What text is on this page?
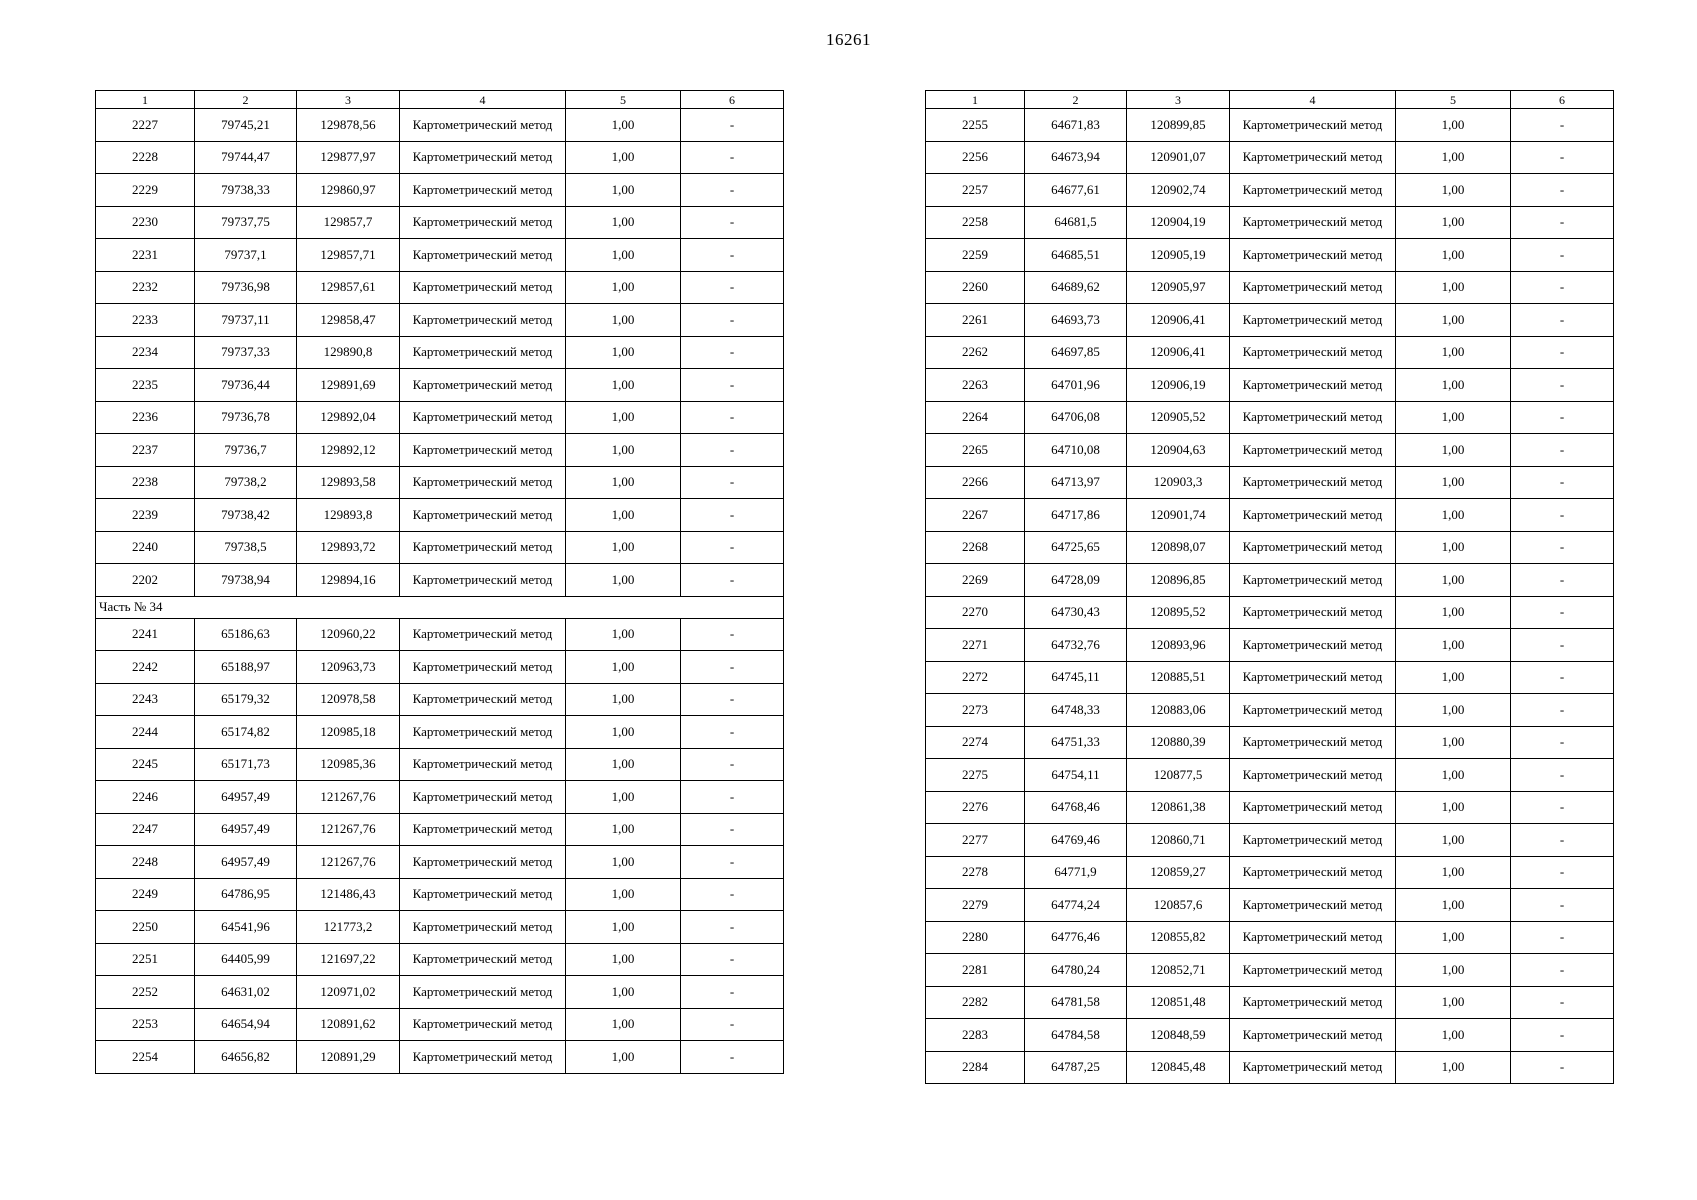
16261
1	2	3	4	5	6
2227	79745,21	129878,56	Картометрический метод	1,00	-
2228	79744,47	129877,97	Картометрический метод	1,00	-
2229	79738,33	129860,97	Картометрический метод	1,00	-
2230	79737,75	129857,7	Картометрический метод	1,00	-
2231	79737,1	129857,71	Картометрический метод	1,00	-
2232	79736,98	129857,61	Картометрический метод	1,00	-
2233	79737,11	129858,47	Картометрический метод	1,00	-
2234	79737,33	129890,8	Картометрический метод	1,00	-
2235	79736,44	129891,69	Картометрический метод	1,00	-
2236	79736,78	129892,04	Картометрический метод	1,00	-
2237	79736,7	129892,12	Картометрический метод	1,00	-
2238	79738,2	129893,58	Картометрический метод	1,00	-
2239	79738,42	129893,8	Картометрический метод	1,00	-
2240	79738,5	129893,72	Картометрический метод	1,00	-
2202	79738,94	129894,16	Картометрический метод	1,00	-
Часть № 34					
2241	65186,63	120960,22	Картометрический метод	1,00	-
2242	65188,97	120963,73	Картометрический метод	1,00	-
2243	65179,32	120978,58	Картометрический метод	1,00	-
2244	65174,82	120985,18	Картометрический метод	1,00	-
2245	65171,73	120985,36	Картометрический метод	1,00	-
2246	64957,49	121267,76	Картометрический метод	1,00	-
2247	64957,49	121267,76	Картометрический метод	1,00	-
2248	64957,49	121267,76	Картометрический метод	1,00	-
2249	64786,95	121486,43	Картометрический метод	1,00	-
2250	64541,96	121773,2	Картометрический метод	1,00	-
2251	64405,99	121697,22	Картометрический метод	1,00	-
2252	64631,02	120971,02	Картометрический метод	1,00	-
2253	64654,94	120891,62	Картометрический метод	1,00	-
2254	64656,82	120891,29	Картометрический метод	1,00	-
1	2	3	4	5	6
2255	64671,83	120899,85	Картометрический метод	1,00	-
2256	64673,94	120901,07	Картометрический метод	1,00	-
2257	64677,61	120902,74	Картометрический метод	1,00	-
2258	64681,5	120904,19	Картометрический метод	1,00	-
2259	64685,51	120905,19	Картометрический метод	1,00	-
2260	64689,62	120905,97	Картометрический метод	1,00	-
2261	64693,73	120906,41	Картометрический метод	1,00	-
2262	64697,85	120906,41	Картометрический метод	1,00	-
2263	64701,96	120906,19	Картометрический метод	1,00	-
2264	64706,08	120905,52	Картометрический метод	1,00	-
2265	64710,08	120904,63	Картометрический метод	1,00	-
2266	64713,97	120903,3	Картометрический метод	1,00	-
2267	64717,86	120901,74	Картометрический метод	1,00	-
2268	64725,65	120898,07	Картометрический метод	1,00	-
2269	64728,09	120896,85	Картометрический метод	1,00	-
2270	64730,43	120895,52	Картометрический метод	1,00	-
2271	64732,76	120893,96	Картометрический метод	1,00	-
2272	64745,11	120885,51	Картометрический метод	1,00	-
2273	64748,33	120883,06	Картометрический метод	1,00	-
2274	64751,33	120880,39	Картометрический метод	1,00	-
2275	64754,11	120877,5	Картометрический метод	1,00	-
2276	64768,46	120861,38	Картометрический метод	1,00	-
2277	64769,46	120860,71	Картометрический метод	1,00	-
2278	64771,9	120859,27	Картометрический метод	1,00	-
2279	64774,24	120857,6	Картометрический метод	1,00	-
2280	64776,46	120855,82	Картометрический метод	1,00	-
2281	64780,24	120852,71	Картометрический метод	1,00	-
2282	64781,58	120851,48	Картометрический метод	1,00	-
2283	64784,58	120848,59	Картометрический метод	1,00	-
2284	64787,25	120845,48	Картометрический метод	1,00	-
